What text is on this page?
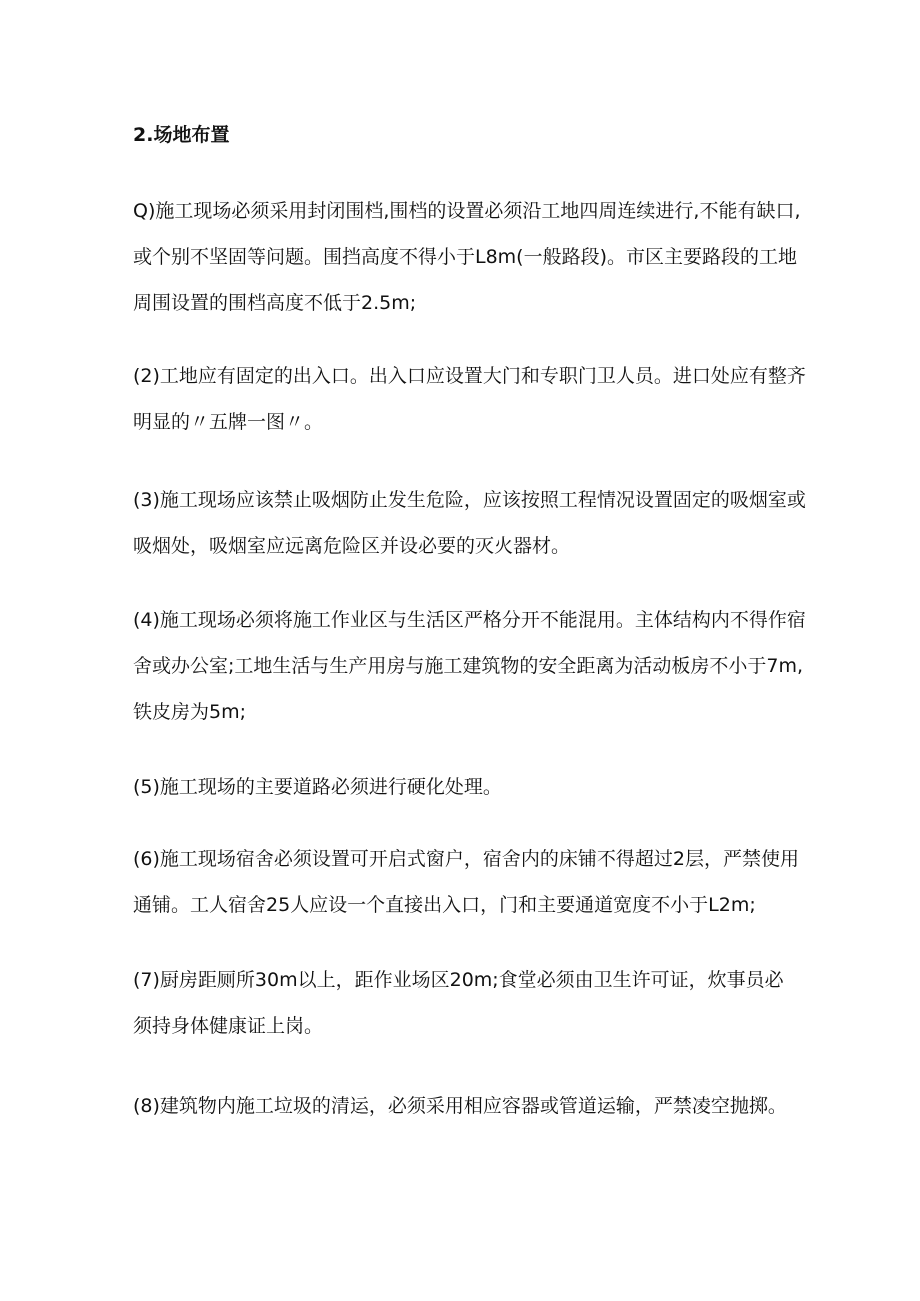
2.场地布置
Q)施工现场必须采用封闭围档,围档的设置必须沿工地四周连续进行,不能有缺口,
或个别不坚固等问题。围挡高度不得小于L8m(一般路段)。市区主要路段的工地
周围设置的围档高度不低于2.5m;
(2)工地应有固定的出入口。出入口应设置大门和专职门卫人员。进口处应有整齐
明显的〃五牌一图〃。
(3)施工现场应该禁止吸烟防止发生危险，应该按照工程情况设置固定的吸烟室或
吸烟处，吸烟室应远离危险区并设必要的灭火器材。
(4)施工现场必须将施工作业区与生活区严格分开不能混用。主体结构内不得作宿
舍或办公室;工地生活与生产用房与施工建筑物的安全距离为活动板房不小于7m,
铁皮房为5m;
(5)施工现场的主要道路必须进行硬化处理。
(6)施工现场宿舍必须设置可开启式窗户，宿舍内的床铺不得超过2层，严禁使用
通铺。工人宿舍25人应设一个直接出入口，门和主要通道宽度不小于L2m;
(7)厨房距厕所30m以上，距作业场区20m;食堂必须由卫生许可证，炊事员必
须持身体健康证上岗。
(8)建筑物内施工垃圾的清运，必须采用相应容器或管道运输，严禁凌空抛掷。
